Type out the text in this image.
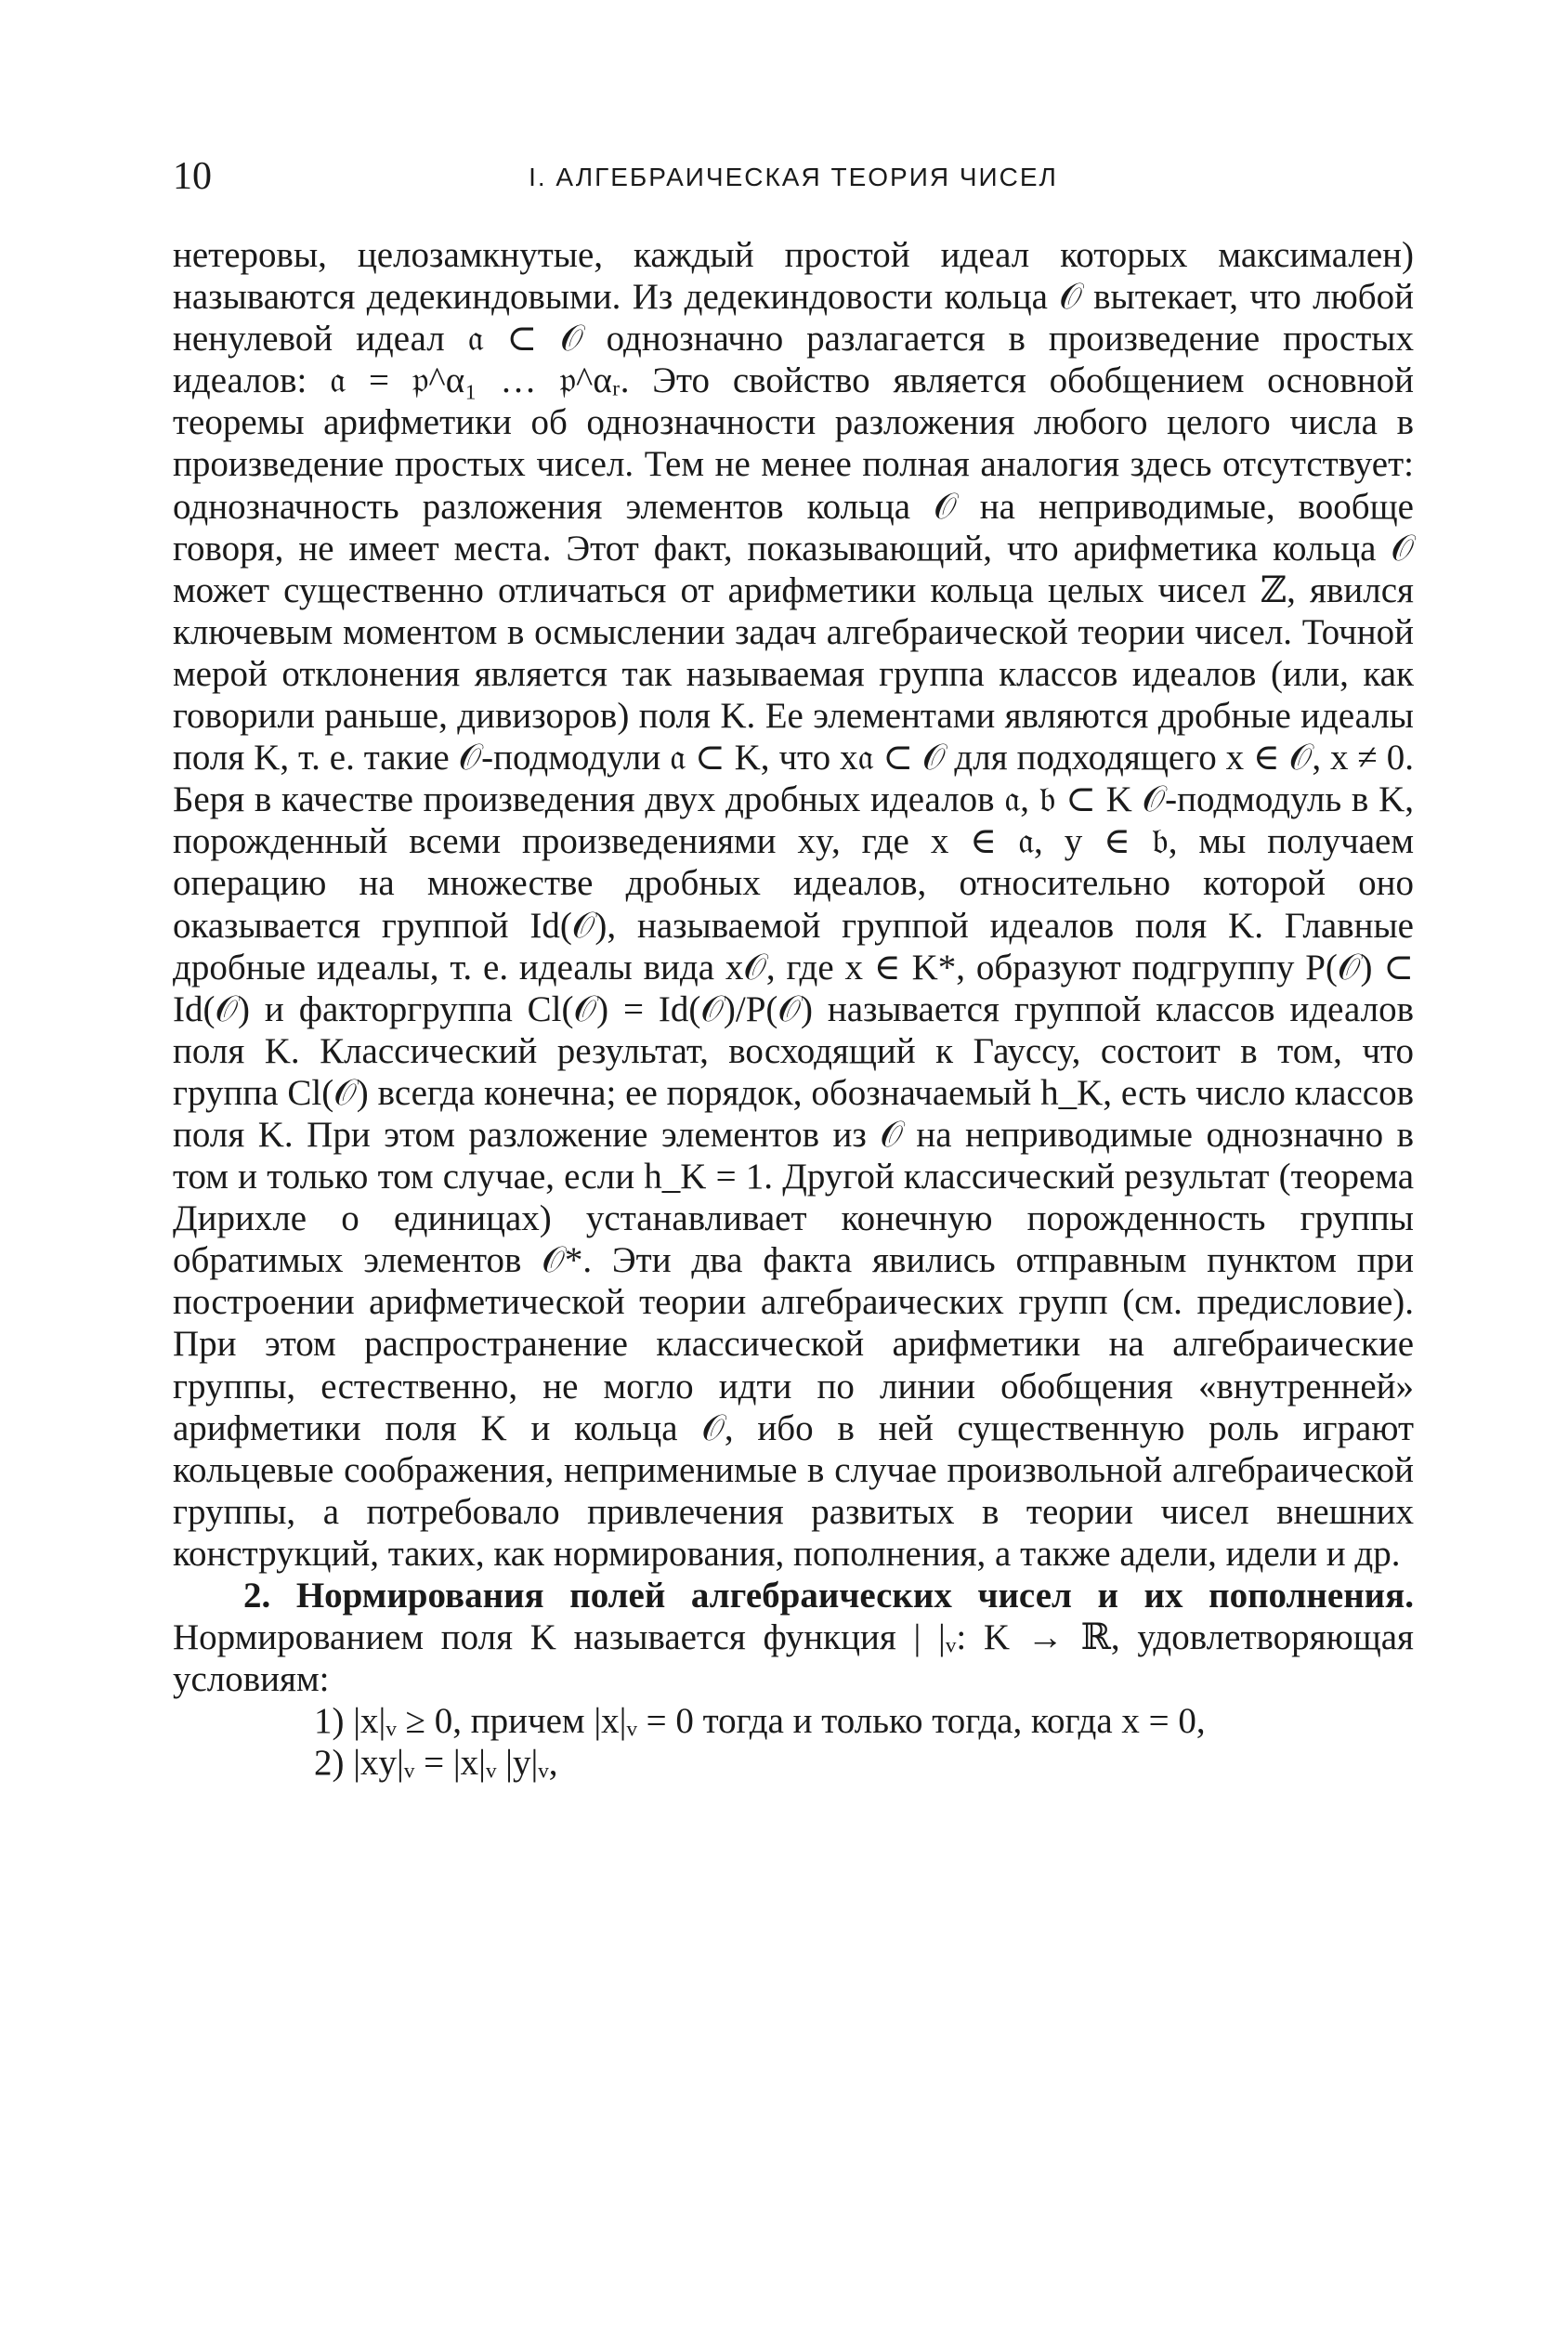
10	I. АЛГЕБРАИЧЕСКАЯ ТЕОРИЯ ЧИСЕЛ

нетеровы, целозамкнутые, каждый простой идеал которых максимален) называются дедекиндовыми. Из дедекиндовости кольца 𝒪 вытекает, что любой ненулевой идеал 𝔞 ⊂ 𝒪 однозначно разлагается в произведение простых идеалов: 𝔞 = 𝔭^α₁ … 𝔭^αᵣ. Это свойство является обобщением основной теоремы арифметики об однозначности разложения любого целого числа в произведение простых чисел. Тем не менее полная аналогия здесь отсутствует: однозначность разложения элементов кольца 𝒪 на неприводимые, вообще говоря, не имеет места. Этот факт, показывающий, что арифметика кольца 𝒪 может существенно отличаться от арифметики кольца целых чисел ℤ, явился ключевым моментом в осмыслении задач алгебраической теории чисел. Точной мерой отклонения является так называемая группа классов идеалов (или, как говорили раньше, дивизоров) поля K. Ее элементами являются дробные идеалы поля K, т. е. такие 𝒪-подмодули 𝔞 ⊂ K, что x𝔞 ⊂ 𝒪 для подходящего x ∈ 𝒪, x ≠ 0. Беря в качестве произведения двух дробных идеалов 𝔞, 𝔟 ⊂ K 𝒪-подмодуль в K, порожденный всеми произведениями xy, где x ∈ 𝔞, y ∈ 𝔟, мы получаем операцию на множестве дробных идеалов, относительно которой оно оказывается группой Id(𝒪), называемой группой идеалов поля K. Главные дробные идеалы, т. е. идеалы вида x𝒪, где x ∈ K*, образуют подгруппу P(𝒪) ⊂ Id(𝒪) и факторгруппа Cl(𝒪) = Id(𝒪)/P(𝒪) называется группой классов идеалов поля K. Классический результат, восходящий к Гауссу, состоит в том, что группа Cl(𝒪) всегда конечна; ее порядок, обозначаемый h_K, есть число классов поля K. При этом разложение элементов из 𝒪 на неприводимые однозначно в том и только том случае, если h_K = 1. Другой классический результат (теорема Дирихле о единицах) устанавливает конечную порожденность группы обратимых элементов 𝒪*. Эти два факта явились отправным пунктом при построении арифметической теории алгебраических групп (см. предисловие). При этом распространение классической арифметики на алгебраические группы, естественно, не могло идти по линии обобщения «внутренней» арифметики поля K и кольца 𝒪, ибо в ней существенную роль играют кольцевые соображения, неприменимые в случае произвольной алгебраической группы, а потребовало привлечения развитых в теории чисел внешних конструкций, таких, как нормирования, пополнения, а также адели, идели и др.

2. Нормирования полей алгебраических чисел и их пополнения. Нормированием поля K называется функция | |ᵥ: K → ℝ, удовлетворяющая условиям:

1) |x|ᵥ ≥ 0, причем |x|ᵥ = 0 тогда и только тогда, когда x = 0,

2) |xy|ᵥ = |x|ᵥ |y|ᵥ,
